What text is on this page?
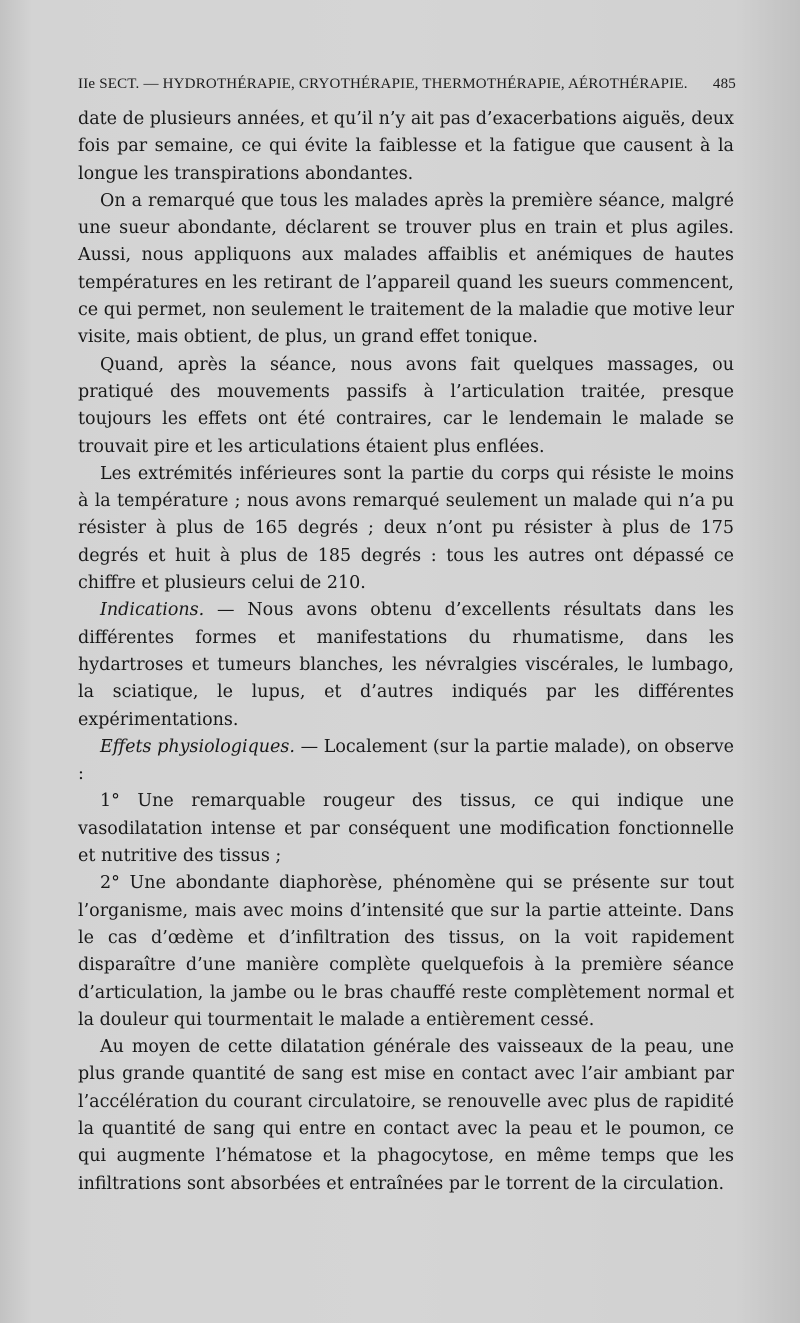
IIe SECT. — HYDROTHÉRAPIE, CRYOTHÉRAPIE, THERMOTHÉRAPIE, AÉROTHÉRAPIE. 485

date de plusieurs années, et qu’il n’y ait pas d’exacerbations aiguës, deux fois par semaine, ce qui évite la faiblesse et la fatigue que causent à la longue les transpirations abondantes.

On a remarqué que tous les malades après la première séance, malgré une sueur abondante, déclarent se trouver plus en train et plus agiles. Aussi, nous appliquons aux malades affaiblis et anémiques de hautes températures en les retirant de l’appareil quand les sueurs commencent, ce qui permet, non seulement le traitement de la maladie que motive leur visite, mais obtient, de plus, un grand effet tonique.

Quand, après la séance, nous avons fait quelques massages, ou pratiqué des mouvements passifs à l’articulation traitée, presque toujours les effets ont été contraires, car le lendemain le malade se trouvait pire et les articulations étaient plus enflées.

Les extrémités inférieures sont la partie du corps qui résiste le moins à la température ; nous avons remarqué seulement un malade qui n’a pu résister à plus de 165 degrés ; deux n’ont pu résister à plus de 175 degrés et huit à plus de 185 degrés : tous les autres ont dépassé ce chiffre et plusieurs celui de 210.

Indications. — Nous avons obtenu d’excellents résultats dans les différentes formes et manifestations du rhumatisme, dans les hydartroses et tumeurs blanches, les névralgies viscérales, le lumbago, la sciatique, le lupus, et d’autres indiqués par les différentes expérimentations.

Effets physiologiques. — Localement (sur la partie malade), on observe :

1° Une remarquable rougeur des tissus, ce qui indique une vasodilatation intense et par conséquent une modification fonctionnelle et nutritive des tissus ;

2° Une abondante diaphorèse, phénomène qui se présente sur tout l’organisme, mais avec moins d’intensité que sur la partie atteinte. Dans le cas d’œdème et d’infiltration des tissus, on la voit rapidement disparaître d’une manière complète quelquefois à la première séance d’articulation, la jambe ou le bras chauffé reste complètement normal et la douleur qui tourmentait le malade a entièrement cessé.

Au moyen de cette dilatation générale des vaisseaux de la peau, une plus grande quantité de sang est mise en contact avec l’air ambiant par l’accélération du courant circulatoire, se renouvelle avec plus de rapidité la quantité de sang qui entre en contact avec la peau et le poumon, ce qui augmente l’hématose et la phagocytose, en même temps que les infiltrations sont absorbées et entraînées par le torrent de la circulation.
